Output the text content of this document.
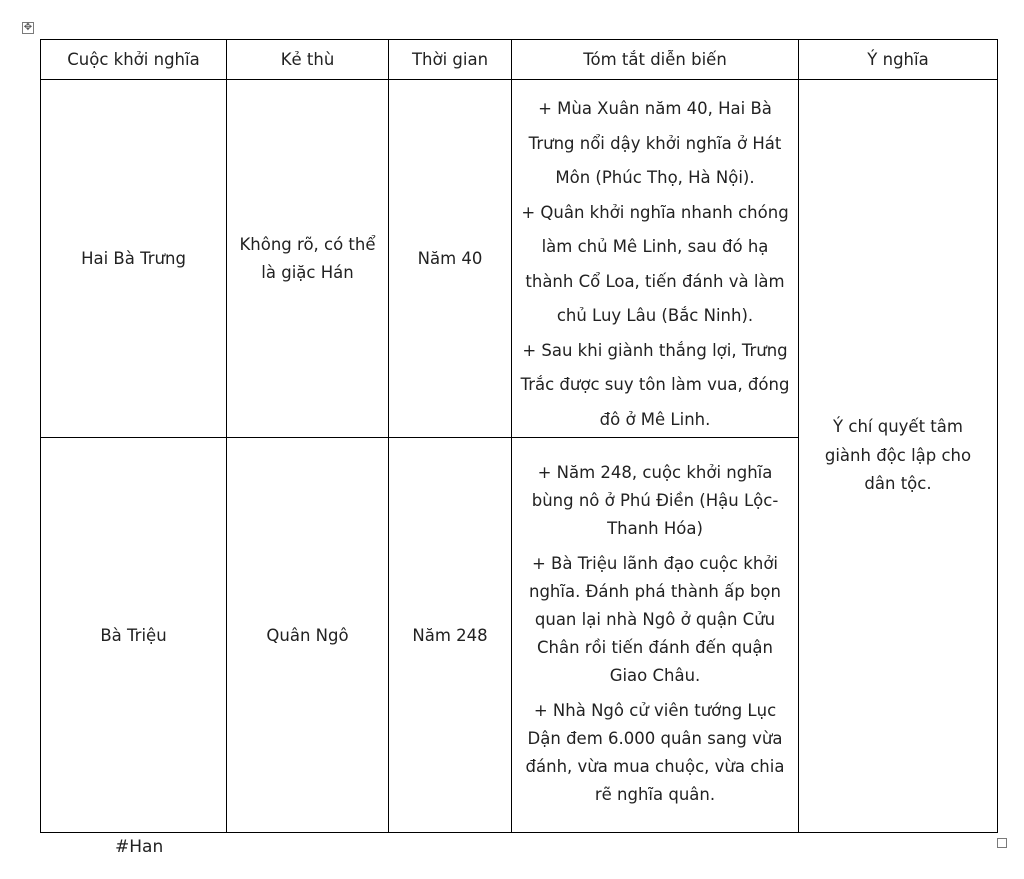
✥
Cuộc khởi nghĩa	Kẻ thù	Thời gian	Tóm tắt diễn biến	Ý nghĩa
Hai Bà Trưng	Không rõ, có thể là giặc Hán	Năm 40	+ Mùa Xuân năm 40, Hai Bà Trưng nổi dậy khởi nghĩa ở Hát Môn (Phúc Thọ, Hà Nội).

+ Quân khởi nghĩa nhanh chóng làm chủ Mê Linh, sau đó hạ thành Cổ Loa, tiến đánh và làm chủ Luy Lâu (Bắc Ninh).

+ Sau khi giành thắng lợi, Trưng Trắc được suy tôn làm vua, đóng đô ở Mê Linh.	Ý chí quyết tâm giành độc lập cho dân tộc.

Bà Triệu	Quân Ngô	Năm 248	+ Năm 248, cuộc khởi nghĩa bùng nô ở Phú Điền (Hậu Lộc-Thanh Hóa)

+ Bà Triệu lãnh đạo cuộc khởi nghĩa. Đánh phá thành ấp bọn quan lại nhà Ngô ở quận Cửu Chân rồi tiến đánh đến quận Giao Châu.

+ Nhà Ngô cử viên tướng Lục Dận đem 6.000 quân sang vừa đánh, vừa mua chuộc, vừa chia rẽ nghĩa quân.	

#Han
